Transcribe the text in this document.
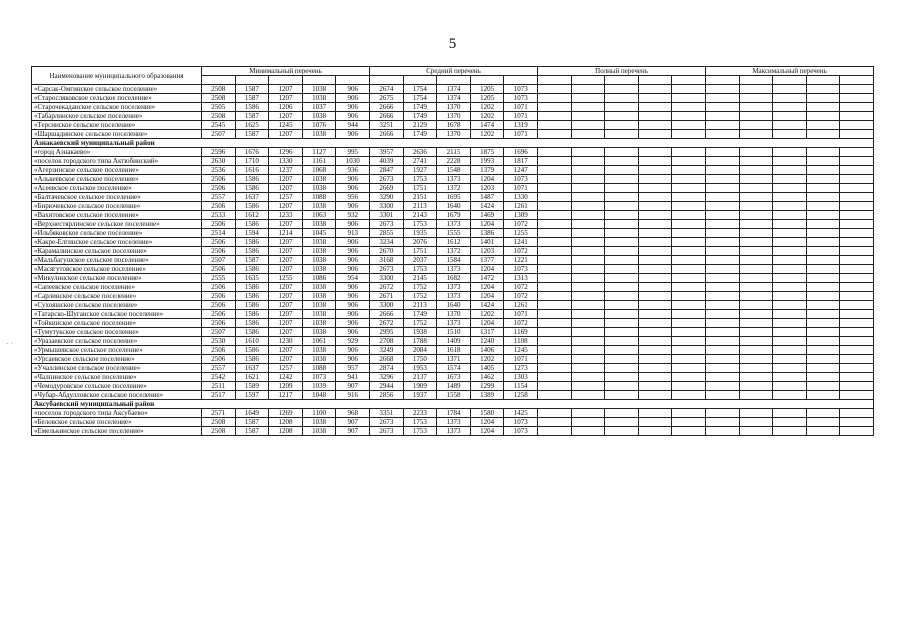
5
‐ ·
Наименование муниципального образования	Минимальный перечень					Средний перечень					Полный перечень					Максимальный перечень				

«Сарсак-Омгинское сельское поселение»	2508	1587	1207	1038	906	2674	1754	1374	1205	1073										
«Старосляковское сельское поселение»	2508	1587	1207	1038	906	2675	1754	1374	1205	1073										
«Старочекаданское сельское поселение»	2505	1586	1206	1037	906	2666	1749	1370	1202	1071										
«Табарлинское сельское поселение»	2508	1587	1207	1038	906	2666	1749	1370	1202	1071										
«Терсинское сельское поселение»	2545	1625	1245	1076	944	3251	2129	1678	1474	1319										
«Шаршадинское сельское поселение»	2507	1587	1207	1038	906	2666	1749	1370	1202	1071										
Азнакаевский муниципальный район																				
«город Азнакаево»	2596	1676	1296	1127	995	3957	2636	2115	1875	1696										
«поселок городского типа Актюбинский»	2630	1710	1330	1161	1030	4039	2741	2228	1993	1817										
«Агерзинское сельское поселение»	2536	1616	1237	1068	936	2847	1927	1548	1379	1247										
«Алькеевское сельское поселение»	2506	1586	1207	1038	906	2673	1753	1373	1204	1073										
«Асеевское сельское поселение»	2506	1586	1207	1038	906	2669	1751	1372	1203	1071										
«Балтачевское сельское поселение»	2557	1637	1257	1088	956	3290	2151	1695	1487	1330										
«Бирючевское сельское поселение»	2506	1586	1207	1038	906	3300	2113	1640	1424	1261										
«Вахитовское сельское поселение»	2533	1612	1233	1063	932	3301	2143	1679	1469	1309										
«Верхнестярлинское сельское поселение»	2506	1586	1207	1038	906	2673	1753	1373	1204	1072										
«Ильбяковское сельское поселение»	2514	1594	1214	1045	913	2855	1935	1555	1386	1255										
«Какре-Елгинское сельское поселение»	2506	1586	1207	1038	906	3234	2076	1612	1401	1241										
«Карамалинское сельское поселение»	2506	1586	1207	1038	906	2670	1751	1372	1203	1072										
«Мальбагушское сельское поселение»	2507	1587	1207	1038	906	3168	2037	1584	1377	1221										
«Масягутовское сельское поселение»	2506	1586	1207	1038	906	2673	1753	1373	1204	1073										
«Микулинское сельское поселение»	2555	1635	1255	1086	954	3300	2145	1682	1472	1313										
«Сапеевское сельское поселение»	2506	1586	1207	1038	906	2672	1752	1373	1204	1072										
«Сарлинское сельское поселение»	2506	1586	1207	1038	906	2671	1752	1373	1204	1072										
«Сухояшское сельское поселение»	2506	1586	1207	1038	906	3300	2113	1640	1424	1261										
«Татарско-Шуганское сельское поселение»	2506	1586	1207	1038	906	2666	1749	1370	1202	1071										
«Тойкинское сельское поселение»	2506	1586	1207	1038	906	2672	1752	1373	1204	1072										
«Тумутукское сельское поселение»	2507	1586	1207	1038	906	2995	1938	1510	1317	1169										
«Уразаевское сельское поселение»	2530	1610	1230	1061	929	2708	1788	1409	1240	1108										
«Урмышевское сельское поселение»	2506	1586	1207	1038	906	3249	2084	1618	1406	1245										
«Урсаевское сельское поселение»	2506	1586	1207	1038	906	2668	1750	1371	1202	1071										
«Учаллинское сельское поселение»	2557	1637	1257	1088	957	2874	1953	1574	1405	1273										
«Чалпинское сельское поселение»	2542	1621	1242	1073	941	3296	2137	1673	1462	1303										
«Чемодуровское сельское поселение»	2511	1589	1209	1039	907	2944	1909	1489	1299	1154										
«Чубар-Абдулловское сельское поселение»	2517	1597	1217	1048	916	2856	1937	1558	1389	1258										
Аксубаевский муниципальный район																				
«поселок городского типа Аксубаево»	2571	1649	1269	1100	968	3351	2233	1784	1580	1425										
«Беловское сельское поселение»	2508	1587	1208	1038	907	2673	1753	1373	1204	1073										
«Емелькинское сельское поселение»	2508	1587	1208	1038	907	2673	1753	1373	1204	1073										
